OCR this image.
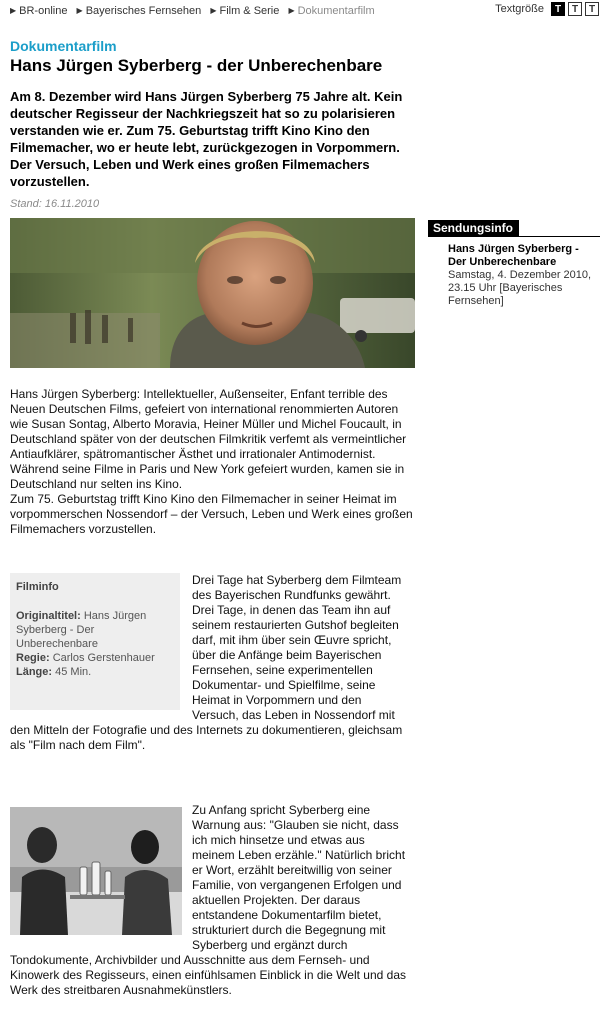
▶ BR-online ▶ Bayerisches Fernsehen ▶ Film & Serie ▶ Dokumentarfilm	Textgröße T T T
Dokumentarfilm
Hans Jürgen Syberberg - der Unberechenbare

Am 8. Dezember wird Hans Jürgen Syberberg 75 Jahre alt. Kein deutscher Regisseur der Nachkriegszeit hat so zu polarisieren verstanden wie er. Zum 75. Geburtstag trifft Kino Kino den Filmemacher, wo er heute lebt, zurückgezogen in Vorpommern. Der Versuch, Leben und Werk eines großen Filmemachers vorzustellen.

Stand: 16.11.2010
Sendungsinfo
Hans Jürgen Syberberg - Der Unberechenbare
Samstag, 4. Dezember 2010, 23.15 Uhr [Bayerisches Fernsehen]

Hans Jürgen Syberberg: Intellektueller, Außenseiter, Enfant terrible des Neuen Deutschen Films, gefeiert von international renommierten Autoren wie Susan Sontag, Alberto Moravia, Heiner Müller und Michel Foucault, in Deutschland später von der deutschen Filmkritik verfemt als vermeintlicher Antiaufklärer, spätromantischer Ästhet und irrationaler Antimodernist. Während seine Filme in Paris und New York gefeiert wurden, kamen sie in Deutschland nur selten ins Kino.

Zum 75. Geburtstag trifft Kino Kino den Filmemacher in seiner Heimat im vorpommerschen Nossendorf – der Versuch, Leben und Werk eines großen Filmemachers vorzustellen.

Filminfo
Originaltitel: Hans Jürgen Syberberg - Der Unberechenbare
Regie: Carlos Gerstenhauer
Länge: 45 Min.

Drei Tage hat Syberberg dem Filmteam des Bayerischen Rundfunks gewährt. Drei Tage, in denen das Team ihn auf seinem restaurierten Gutshof begleiten darf, mit ihm über sein Œuvre spricht, über die Anfänge beim Bayerischen Fernsehen, seine experimentellen Dokumentar- und Spielfilme, seine Heimat in Vorpommern und den Versuch, das Leben in Nossendorf mit den Mitteln der Fotografie und des Internets zu dokumentieren, gleichsam als "Film nach dem Film".

Zu Anfang spricht Syberberg eine Warnung aus: "Glauben sie nicht, dass ich mich hinsetze und etwas aus meinem Leben erzähle." Natürlich bricht er Wort, erzählt bereitwillig von seiner Familie, von vergangenen Erfolgen und aktuellen Projekten. Der daraus entstandene Dokumentarfilm bietet, strukturiert durch die Begegnung mit Syberberg und ergänzt durch Tondokumente, Archivbilder und Ausschnitte aus dem Fernseh- und Kinowerk des Regisseurs, einen einfühlsamen Einblick in die Welt und das Werk des streitbaren Ausnahmekünstlers.
